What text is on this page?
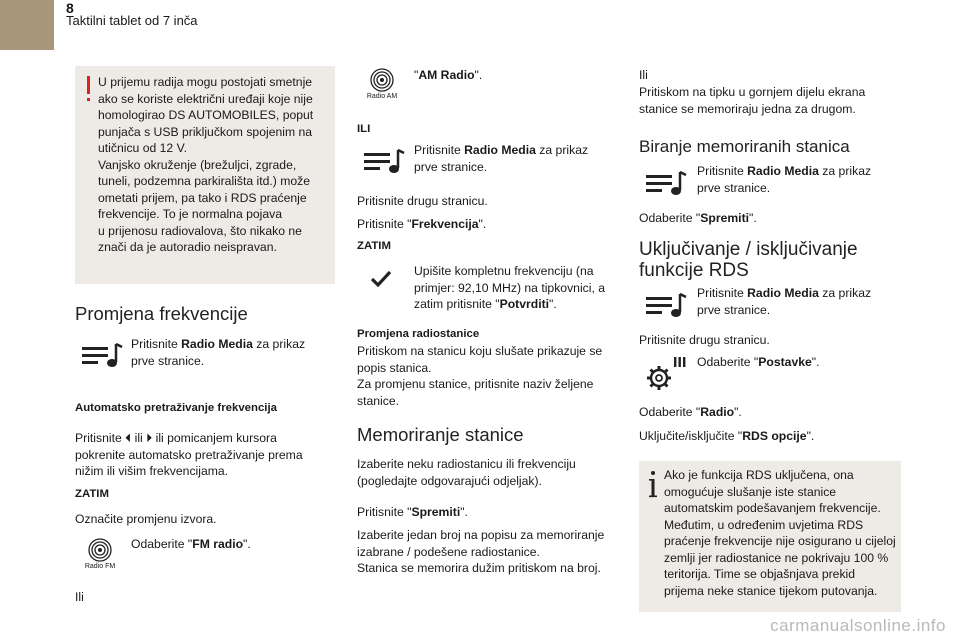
8
Taktilni tablet od 7 inča
U prijemu radija mogu postojati smetnje
ako se koriste električni uređaji koje nije
homologirao DS AUTOMOBILES, poput
punjača s USB priključkom spojenim na
utičnicu od 12 V.
Vanjsko okruženje (brežuljci, zgrade,
tuneli, podzemna parkirališta itd.) može
ometati prijem, pa tako i RDS praćenje
frekvencije. To je normalna pojava
u prijenosu radiovalova, što nikako ne
znači da je autoradio neispravan.
Promjena frekvencije
Pritisnite Radio Media za prikaz
prve stranice.
Automatsko pretraživanje frekvencija
Pritisnite ⏴ ili ⏵ ili pomicanjem kursora
pokrenite automatsko pretraživanje prema
nižim ili višim frekvencijama.
ZATIM
Označite promjenu izvora.
Radio FM
Odaberite "FM radio".
Ili
Radio AM
"AM Radio".
ILI
Pritisnite Radio Media za prikaz
prve stranice.
Pritisnite drugu stranicu.
Pritisnite "Frekvencija".
ZATIM
Upišite kompletnu frekvenciju (na
primjer: 92,10 MHz) na tipkovnici, a
zatim pritisnite "Potvrditi".
Promjena radiostanice
Pritiskom na stanicu koju slušate prikazuje se
popis stanica.
Za promjenu stanice, pritisnite naziv željene
stanice.
Memoriranje stanice
Izaberite neku radiostanicu ili frekvenciju
(pogledajte odgovarajući odjeljak).
Pritisnite "Spremiti".
Izaberite jedan broj na popisu za memoriranje
izabrane / podešene radiostanice.
Stanica se memorira dužim pritiskom na broj.
Ili
Pritiskom na tipku u gornjem dijelu ekrana
stanice se memoriraju jedna za drugom.
Biranje memoriranih stanica
Pritisnite Radio Media za prikaz
prve stranice.
Odaberite "Spremiti".
Uključivanje / isključivanje
funkcije RDS
Pritisnite Radio Media za prikaz
prve stranice.
Pritisnite drugu stranicu.
Odaberite "Postavke".
Odaberite "Radio".
Uključite/isključite "RDS opcije".
Ako je funkcija RDS uključena, ona
omogućuje slušanje iste stanice
automatskim podešavanjem frekvencije.
Međutim, u određenim uvjetima RDS
praćenje frekvencije nije osigurano u cijeloj
zemlji jer radiostanice ne pokrivaju 100 %
teritorija. Time se objašnjava prekid
prijema neke stanice tijekom putovanja.
carmanualsonline.info
